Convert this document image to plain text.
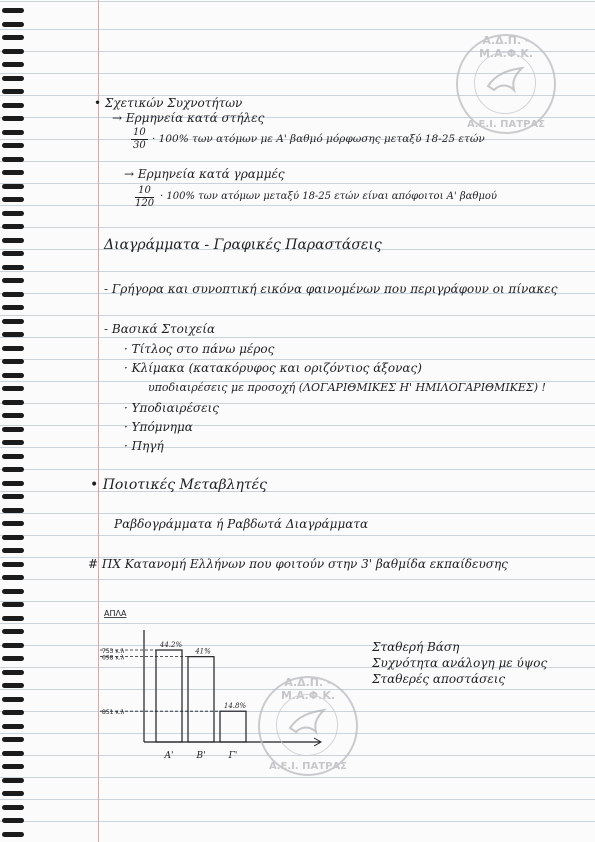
Α.Δ.Π. - Μ.Α.Φ.Κ.
Α.Ε.Ι. ΠΑΤΡΑΣ
• Σχετικών Συχνοτήτων
→ Ερμηνεία κατά στήλες
$\frac{10}{30} \cdot 100\%$ των ατόμων με Α' βαθμό μόρφωσης μεταξύ 18-25 ετών
→ Ερμηνεία κατά γραμμές
$\frac{10}{120} \cdot 100\%$ των ατόμων μεταξύ 18-25 ετών είναι απόφοιτοι Α' βαθμού
Διαγράμματα - Γραφικές Παραστάσεις
- Γρήγορα και συνοπτική εικόνα φαινομένων που περιγράφουν οι πίνακες
- Βασικά Στοιχεία
· Τίτλος στο πάνω μέρος
· Κλίμακα (κατακόρυφος και οριζόντιος άξονας)
υποδιαιρέσεις με προσοχή (ΛΟΓΑΡΙΘΜΙΚΕΣ Η' ΗΜΙΛΟΓΑΡΙΘΜΙΚΕΣ) !
· Υποδιαιρέσεις
· Υπόμνημα
· Πηγή
• Ποιοτικές Μεταβλητές
Ραβδογράμματα ή Ραβδωτά Διαγράμματα
# ΠΧ Κατανομή Ελλήνων που φοιτούν στην 3' βαθμίδα εκπαίδευσης
ΑΠΛΑ
753 κ.λ
44.2%
Α'
698 κ.λ
41%
Β'
851 κ.λ
14.8%
Γ'
Σταθερή Βάση
Συχνότητα ανάλογη με ύψος
Σταθερές αποστάσεις
Α.Δ.Π. - Μ.Α.Φ.Κ.
Α.Ε.Ι. ΠΑΤΡΑΣ
